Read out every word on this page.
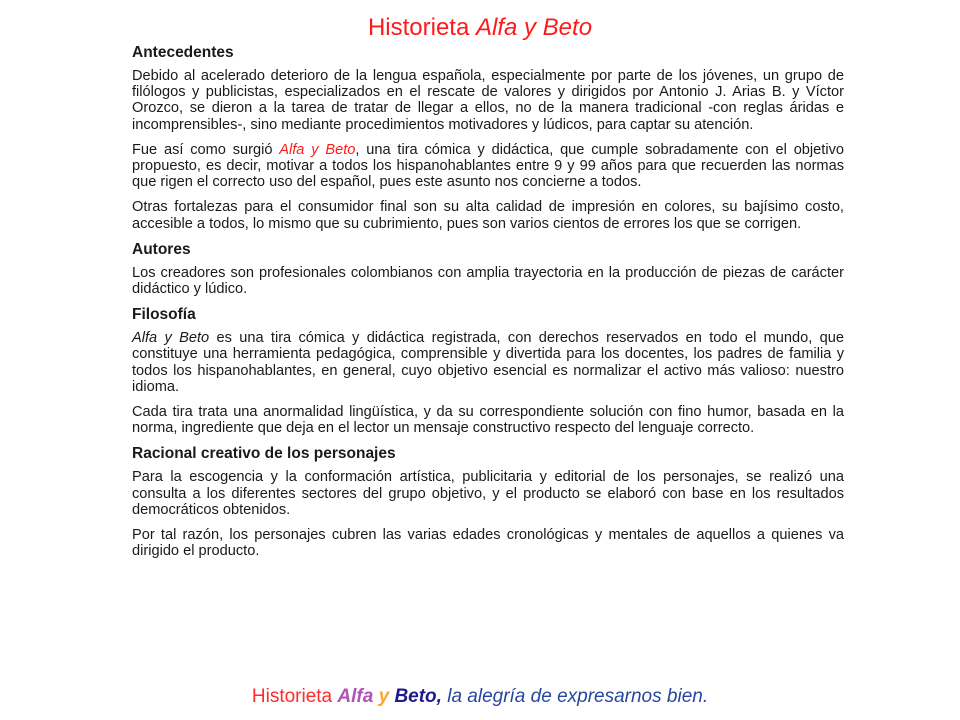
Historieta Alfa y Beto
Antecedentes

Debido al acelerado deterioro de la lengua española, especialmente por parte de los jóvenes, un grupo de filólogos y publicistas, especializados en el rescate de valores y dirigidos por Antonio J. Arias B. y Víctor Orozco, se dieron a la tarea de tratar de llegar a ellos, no de la manera tradicional -con reglas áridas e incomprensibles-, sino mediante procedimientos motivadores y lúdicos, para captar su atención.

Fue así como surgió Alfa y Beto, una tira cómica y didáctica, que cumple sobradamente con el objetivo propuesto, es decir, motivar a todos los hispanohablantes entre 9 y 99 años para que recuerden las normas que rigen el correcto uso del español, pues este asunto nos concierne a todos.

Otras fortalezas para el consumidor final son su alta calidad de impresión en colores, su bajísimo costo, accesible a todos, lo mismo que su cubrimiento, pues son varios cientos de errores los que se corrigen.

Autores

Los creadores son profesionales colombianos con amplia trayectoria en la producción de piezas de carácter didáctico y lúdico.

Filosofía

Alfa y Beto es una tira cómica y didáctica registrada, con derechos reservados en todo el mundo, que constituye una herramienta pedagógica, comprensible y divertida para los docentes, los padres de familia y todos los hispanohablantes, en general, cuyo objetivo esencial es normalizar el activo más valioso: nuestro idioma.

Cada tira trata una anormalidad lingüística, y da su correspondiente solución con fino humor, basada en la norma, ingrediente que deja en el lector un mensaje constructivo respecto del lenguaje correcto.

Racional creativo de los personajes

Para la escogencia y la conformación artística, publicitaria y editorial de los personajes, se realizó una consulta a los diferentes sectores del grupo objetivo, y el producto se elaboró con base en los resultados democráticos obtenidos.

Por tal razón, los personajes cubren las varias edades cronológicas y mentales de aquellos a quienes va dirigido el producto.

Historieta Alfa y Beto, la alegría de expresarnos bien.
